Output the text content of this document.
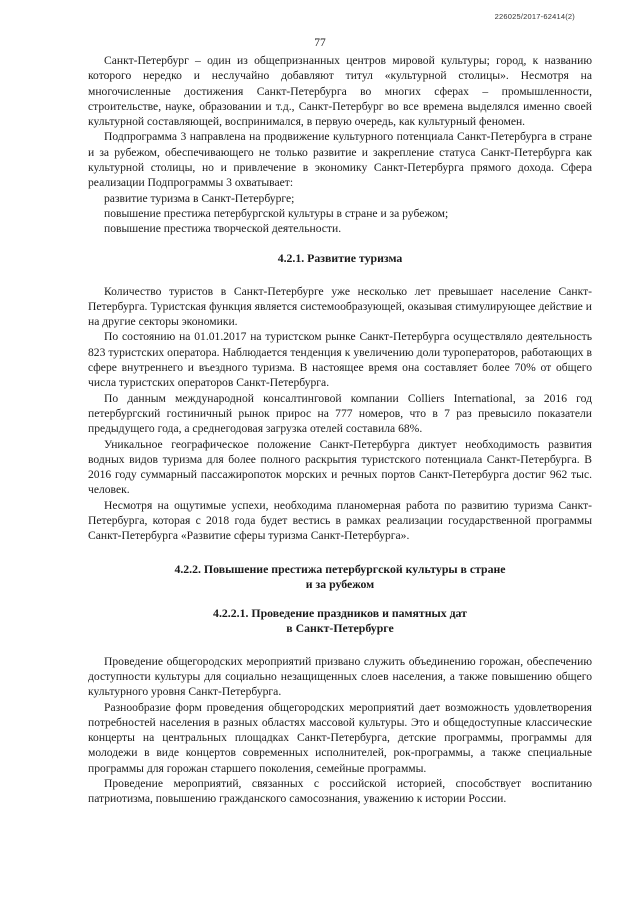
226025/2017-62414(2)
77

Санкт-Петербург – один из общепризнанных центров мировой культуры; город, к названию которого нередко и неслучайно добавляют титул «культурной столицы». Несмотря на многочисленные достижения Санкт-Петербурга во многих сферах – промышленности, строительстве, науке, образовании и т.д., Санкт-Петербург во все времена выделялся именно своей культурной составляющей, воспринимался, в первую очередь, как культурный феномен.

Подпрограмма 3 направлена на продвижение культурного потенциала Санкт-Петербурга в стране и за рубежом, обеспечивающего не только развитие и закрепление статуса Санкт-Петербурга как культурной столицы, но и привлечение в экономику Санкт-Петербурга прямого дохода. Сфера реализации Подпрограммы 3 охватывает:

развитие туризма в Санкт-Петербурге;

повышение престижа петербургской культуры в стране и за рубежом;

повышение престижа творческой деятельности.

4.2.1. Развитие туризма

Количество туристов в Санкт-Петербурге уже несколько лет превышает население Санкт-Петербурга. Туристская функция является системообразующей, оказывая стимулирующее действие и на другие секторы экономики.

По состоянию на 01.01.2017 на туристском рынке Санкт-Петербурга осуществляло деятельность 823 туристских оператора. Наблюдается тенденция к увеличению доли туроператоров, работающих в сфере внутреннего и въездного туризма. В настоящее время она составляет более 70% от общего числа туристских операторов Санкт-Петербурга.

По данным международной консалтинговой компании Colliers International, за 2016 год петербургский гостиничный рынок прирос на 777 номеров, что в 7 раз превысило показатели предыдущего года, а среднегодовая загрузка отелей составила 68%.

Уникальное географическое положение Санкт-Петербурга диктует необходимость развития водных видов туризма для более полного раскрытия туристского потенциала Санкт-Петербурга. В 2016 году суммарный пассажиропоток морских и речных портов Санкт-Петербурга достиг 962 тыс. человек.

Несмотря на ощутимые успехи, необходима планомерная работа по развитию туризма Санкт-Петербурга, которая с 2018 года будет вестись в рамках реализации государственной программы Санкт-Петербурга «Развитие сферы туризма Санкт-Петербурга».

4.2.2. Повышение престижа петербургской культуры в стране
и за рубежом
4.2.2.1. Проведение праздников и памятных дат
в Санкт-Петербурге

Проведение общегородских мероприятий призвано служить объединению горожан, обеспечению доступности культуры для социально незащищенных слоев населения, а также повышению общего культурного уровня Санкт-Петербурга.

Разнообразие форм проведения общегородских мероприятий дает возможность удовлетворения потребностей населения в разных областях массовой культуры. Это и общедоступные классические концерты на центральных площадках Санкт-Петербурга, детские программы, программы для молодежи в виде концертов современных исполнителей, рок-программы, а также специальные программы для горожан старшего поколения, семейные программы.

Проведение мероприятий, связанных с российской историей, способствует воспитанию патриотизма, повышению гражданского самосознания, уважению к истории России.
